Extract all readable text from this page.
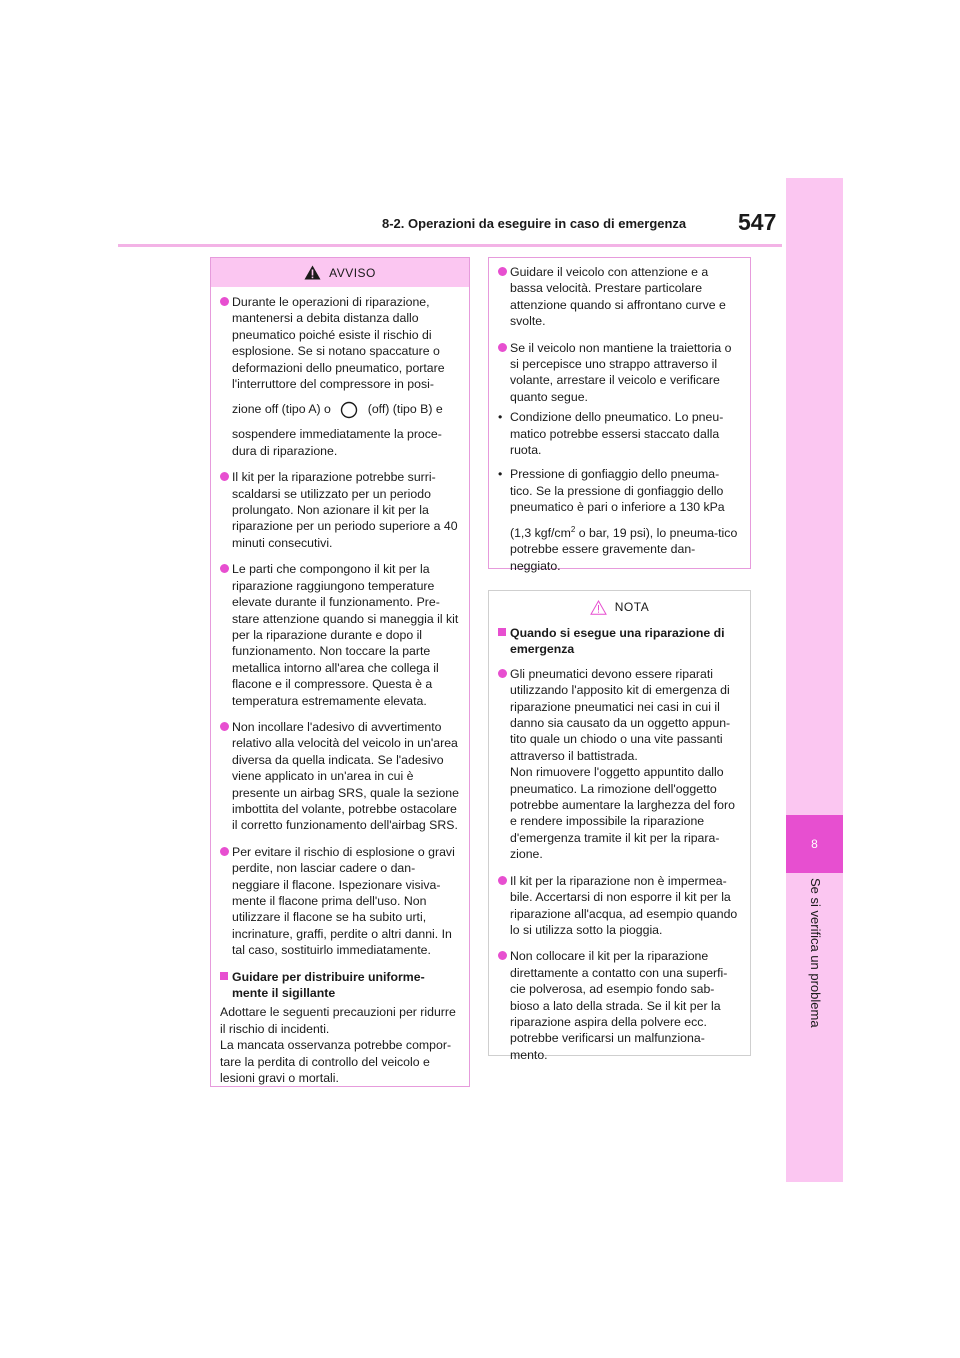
8-2. Operazioni da eseguire in caso di emergenza 547
8
Se si verifica un problema
AVVISO
Durante le operazioni di riparazione, mantenersi a debita distanza dallo pneumatico poiché esiste il rischio di esplosione. Se si notano spaccature o deformazioni dello pneumatico, portare l'interruttore del compressore in posi-
zione off (tipo A) o	(off) (tipo B) e
sospendere immediatamente la proce-dura di riparazione.
Il kit per la riparazione potrebbe surri-scaldarsi se utilizzato per un periodo prolungato. Non azionare il kit per la riparazione per un periodo superiore a 40 minuti consecutivi.
Le parti che compongono il kit per la riparazione raggiungono temperature elevate durante il funzionamento. Pre-stare attenzione quando si maneggia il kit per la riparazione durante e dopo il funzionamento. Non toccare la parte metallica intorno all'area che collega il flacone e il compressore. Questa è a temperatura estremamente elevata.
Non incollare l'adesivo di avvertimento relativo alla velocità del veicolo in un'area diversa da quella indicata. Se l'adesivo viene applicato in un'area in cui è presente un airbag SRS, quale la sezione imbottita del volante, potrebbe ostacolare il corretto funzionamento dell'airbag SRS.
Per evitare il rischio di esplosione o gravi perdite, non lasciar cadere o dan-neggiare il flacone. Ispezionare visiva-mente il flacone prima dell'uso. Non utilizzare il flacone se ha subito urti, incrinature, graffi, perdite o altri danni. In tal caso, sostituirlo immediatamente.
Guidare per distribuire uniforme-mente il sigillante
Adottare le seguenti precauzioni per ridurre il rischio di incidenti.
La mancata osservanza potrebbe compor-tare la perdita di controllo del veicolo e lesioni gravi o mortali.
Guidare il veicolo con attenzione e a bassa velocità. Prestare particolare attenzione quando si affrontano curve e svolte.
Se il veicolo non mantiene la traiettoria o si percepisce uno strappo attraverso il volante, arrestare il veicolo e verificare quanto segue.
• Condizione dello pneumatico. Lo pneu-matico potrebbe essersi staccato dalla ruota.
• Pressione di gonfiaggio dello pneuma-tico. Se la pressione di gonfiaggio dello pneumatico è pari o inferiore a 130 kPa
(1,3 kgf/$cm^2$ o bar, 19 psi), lo pneuma-tico potrebbe essere gravemente dan-neggiato.
NOTA
Quando si esegue una riparazione di emergenza
Gli pneumatici devono essere riparati utilizzando l'apposito kit di emergenza di riparazione pneumatici nei casi in cui il danno sia causato da un oggetto appun-tito quale un chiodo o una vite passanti attraverso il battistrada.
Non rimuovere l'oggetto appuntito dallo pneumatico. La rimozione dell'oggetto potrebbe aumentare la larghezza del foro e rendere impossibile la riparazione d'emergenza tramite il kit per la ripara-zione.
Il kit per la riparazione non è impermea-bile. Accertarsi di non esporre il kit per la riparazione all'acqua, ad esempio quando lo si utilizza sotto la pioggia.
Non collocare il kit per la riparazione direttamente a contatto con una superfi-cie polverosa, ad esempio fondo sab-bioso a lato della strada. Se il kit per la riparazione aspira della polvere ecc. potrebbe verificarsi un malfunziona-mento.
